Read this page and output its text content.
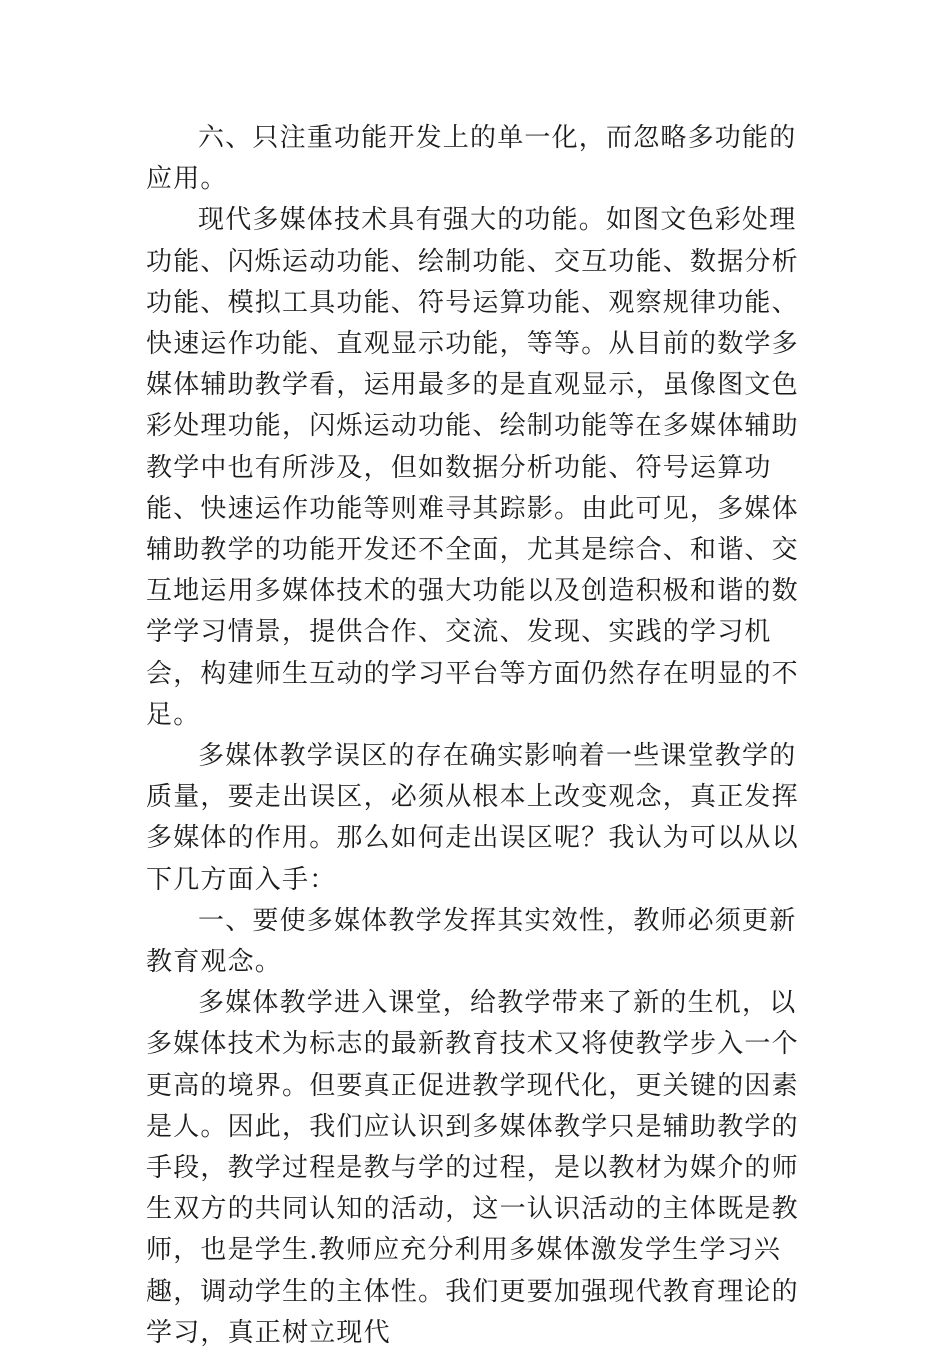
六、只注重功能开发上的单一化，而忽略多功能的应用。

现代多媒体技术具有强大的功能。如图文色彩处理功能、闪烁运动功能、绘制功能、交互功能、数据分析功能、模拟工具功能、符号运算功能、观察规律功能、快速运作功能、直观显示功能，等等。从目前的数学多媒体辅助教学看，运用最多的是直观显示，虽像图文色彩处理功能，闪烁运动功能、绘制功能等在多媒体辅助教学中也有所涉及，但如数据分析功能、符号运算功能、快速运作功能等则难寻其踪影。由此可见，多媒体辅助教学的功能开发还不全面，尤其是综合、和谐、交互地运用多媒体技术的强大功能以及创造积极和谐的数学学习情景，提供合作、交流、发现、实践的学习机会，构建师生互动的学习平台等方面仍然存在明显的不足。

多媒体教学误区的存在确实影响着一些课堂教学的质量，要走出误区，必须从根本上改变观念，真正发挥多媒体的作用。那么如何走出误区呢？我认为可以从以下几方面入手：

一、要使多媒体教学发挥其实效性，教师必须更新教育观念。

多媒体教学进入课堂，给教学带来了新的生机，以多媒体技术为标志的最新教育技术又将使教学步入一个更高的境界。但要真正促进教学现代化，更关键的因素是人。因此，我们应认识到多媒体教学只是辅助教学的手段，教学过程是教与学的过程，是以教材为媒介的师生双方的共同认知的活动，这一认识活动的主体既是教师，也是学生.教师应充分利用多媒体激发学生学习兴趣，调动学生的主体性。我们更要加强现代教育理论的学习，真正树立现代
